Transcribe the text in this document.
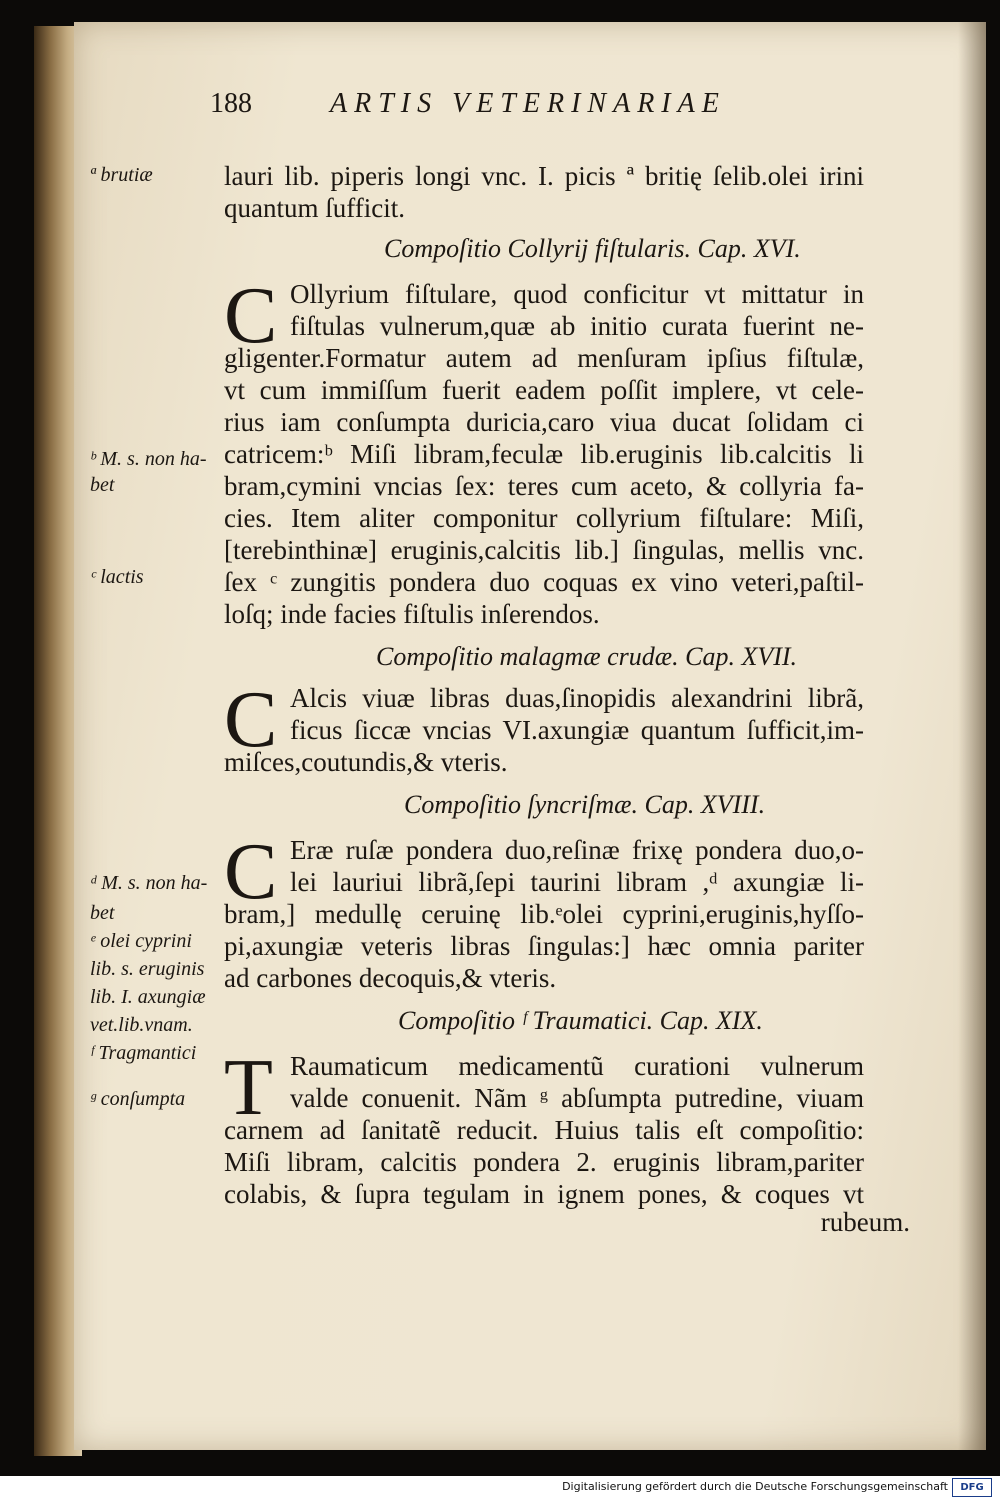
188	ARTIS VETERINARIAE
lauri lib. piperis longi vnc. I. picis ª britię ſelib.olei irini
quantum ſufficit.
Compoſitio Collyrij fiſtularis. Cap. XVI.
C Ollyrium fiſtulare, quod conficitur vt mittatur in
fiſtulas vulnerum,quæ ab initio curata fuerint ne-
gligenter.Formatur autem ad menſuram ipſius fiſtulæ,
vt cum immiſſum fuerit eadem poſſit implere, vt cele-
rius iam conſumpta duricia,caro viua ducat ſolidam ci
catricem:ᵇ Miſi libram,feculæ lib.eruginis lib.calcitis li
bram,cymini vncias ſex: teres cum aceto, & collyria fa-
cies. Item aliter componitur collyrium fiſtulare: Miſi,
[terebinthinæ] eruginis,calcitis lib.] ſingulas, mellis vnc.
ſex ᶜ zungitis pondera duo coquas ex vino veteri,paſtil-
loſq; inde facies fiſtulis inſerendos.
Compoſitio malagmæ crudæ. Cap. XVII.
C Alcis viuæ libras duas,ſinopidis alexandrini librã,
ficus ſiccæ vncias VI.axungiæ quantum ſufficit,im-
miſces,coutundis,& vteris.
Compoſitio ſyncriſmæ. Cap. XVIII.
C Eræ ruſæ pondera duo,reſinæ frixę pondera duo,o-
lei lauriui librã,ſepi taurini libram ,ᵈ axungiæ li-
bram,] medullę ceruinę lib.ᵉolei cyprini,eruginis,hyſſo-
pi,axungiæ veteris libras ſingulas:] hæc omnia pariter
ad carbones decoquis,& vteris.
Compoſitio ᶠ Traumatici. Cap. XIX.
T Raumaticum medicamentũ curationi vulnerum
valde conuenit. Nãm ᵍ abſumpta putredine, viuam
carnem ad ſanitatẽ reducit. Huius talis eſt compoſitio:
Miſi libram, calcitis pondera 2. eruginis libram,pariter
colabis, & ſupra tegulam in ignem pones, & coques vt
rubeum.
ª brutiæ
ᵇ M. s. non ha-
bet
ᶜ lactis
ᵈ M. s. non ha-
bet
ᵉ olei cyprini
lib. s. eruginis
lib. I. axungiæ
vet.lib.vnam.
ᶠ Tragmantici
ᵍ conſumpta
Digitalisierung gefördert durch die Deutsche Forschungsgemeinschaft	DFG
